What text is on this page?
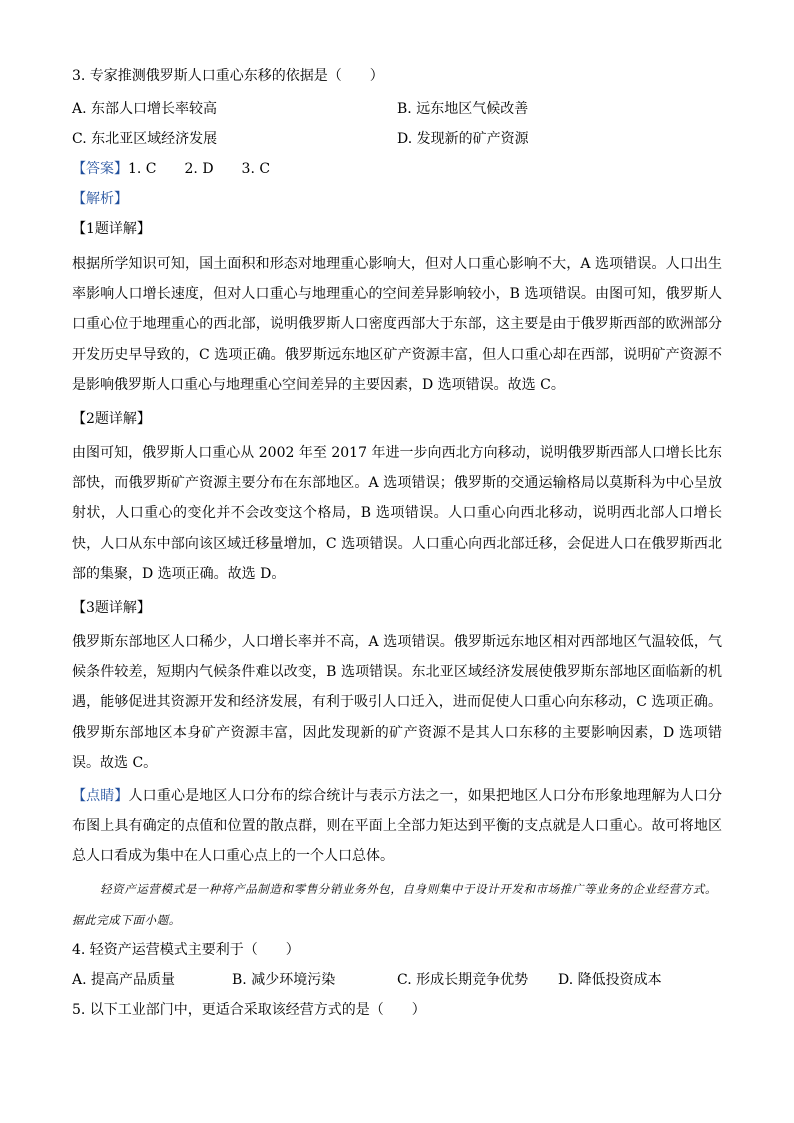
3. 专家推测俄罗斯人口重心东移的依据是（　　）
A. 东部人口增长率较高	B. 远东地区气候改善
C. 东北亚区域经济发展	D. 发现新的矿产资源
【答案】1. C　　2. D　　3. C
【解析】
【1题详解】
根据所学知识可知，国土面积和形态对地理重心影响大，但对人口重心影响不大，A 选项错误。人口出生率影响人口增长速度，但对人口重心与地理重心的空间差异影响较小，B 选项错误。由图可知，俄罗斯人口重心位于地理重心的西北部，说明俄罗斯人口密度西部大于东部，这主要是由于俄罗斯西部的欧洲部分开发历史早导致的，C 选项正确。俄罗斯远东地区矿产资源丰富，但人口重心却在西部，说明矿产资源不是影响俄罗斯人口重心与地理重心空间差异的主要因素，D 选项错误。故选 C。
【2题详解】
由图可知，俄罗斯人口重心从 2002 年至 2017 年进一步向西北方向移动，说明俄罗斯西部人口增长比东部快，而俄罗斯矿产资源主要分布在东部地区。A 选项错误；俄罗斯的交通运输格局以莫斯科为中心呈放射状，人口重心的变化并不会改变这个格局，B 选项错误。人口重心向西北移动，说明西北部人口增长快，人口从东中部向该区域迁移量增加，C 选项错误。人口重心向西北部迁移，会促进人口在俄罗斯西北部的集聚，D 选项正确。故选 D。
【3题详解】
俄罗斯东部地区人口稀少，人口增长率并不高，A 选项错误。俄罗斯远东地区相对西部地区气温较低，气候条件较差，短期内气候条件难以改变，B 选项错误。东北亚区域经济发展使俄罗斯东部地区面临新的机遇，能够促进其资源开发和经济发展，有利于吸引人口迁入，进而促使人口重心向东移动，C 选项正确。俄罗斯东部地区本身矿产资源丰富，因此发现新的矿产资源不是其人口东移的主要影响因素，D 选项错误。故选 C。
【点睛】人口重心是地区人口分布的综合统计与表示方法之一，如果把地区人口分布形象地理解为人口分布图上具有确定的点值和位置的散点群，则在平面上全部力矩达到平衡的支点就是人口重心。故可将地区总人口看成为集中在人口重心点上的一个人口总体。
轻资产运营模式是一种将产品制造和零售分销业务外包，自身则集中于设计开发和市场推广等业务的企业经营方式。据此完成下面小题。
4. 轻资产运营模式主要利于（　　）
A. 提高产品质量	B. 减少环境污染	C. 形成长期竞争优势 D. 降低投资成本
5. 以下工业部门中，更适合采取该经营方式的是（　　）
